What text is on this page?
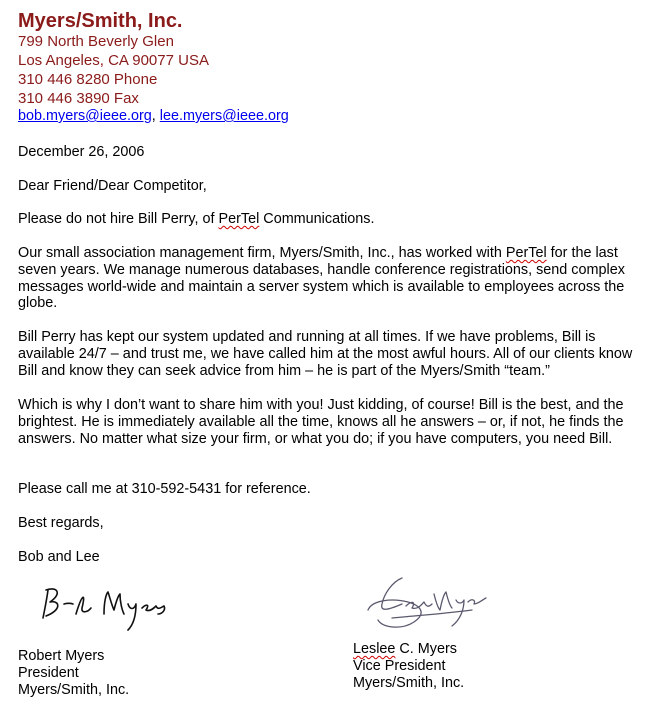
Myers/Smith, Inc.
799 North Beverly Glen
Los Angeles, CA 90077 USA
310 446 8280 Phone
310 446 3890 Fax
bob.myers@ieee.org, lee.myers@ieee.org
December 26, 2006
Dear Friend/Dear Competitor,
Please do not hire Bill Perry, of PerTel Communications.
Our small association management firm, Myers/Smith, Inc., has worked with PerTel for the last seven years. We manage numerous databases, handle conference registrations, send complex messages world-wide and maintain a server system which is available to employees across the globe.
Bill Perry has kept our system updated and running at all times. If we have problems, Bill is available 24/7 – and trust me, we have called him at the most awful hours. All of our clients know Bill and know they can seek advice from him – he is part of the Myers/Smith “team.”
Which is why I don’t want to share him with you! Just kidding, of course! Bill is the best, and the brightest. He is immediately available all the time, knows all he answers – or, if not, he finds the answers. No matter what size your firm, or what you do; if you have computers, you need Bill.
Please call me at 310-592-5431 for reference.
Best regards,
Bob and Lee
Robert Myers
President
Myers/Smith, Inc.
Leslee C. Myers
Vice President
Myers/Smith, Inc.
